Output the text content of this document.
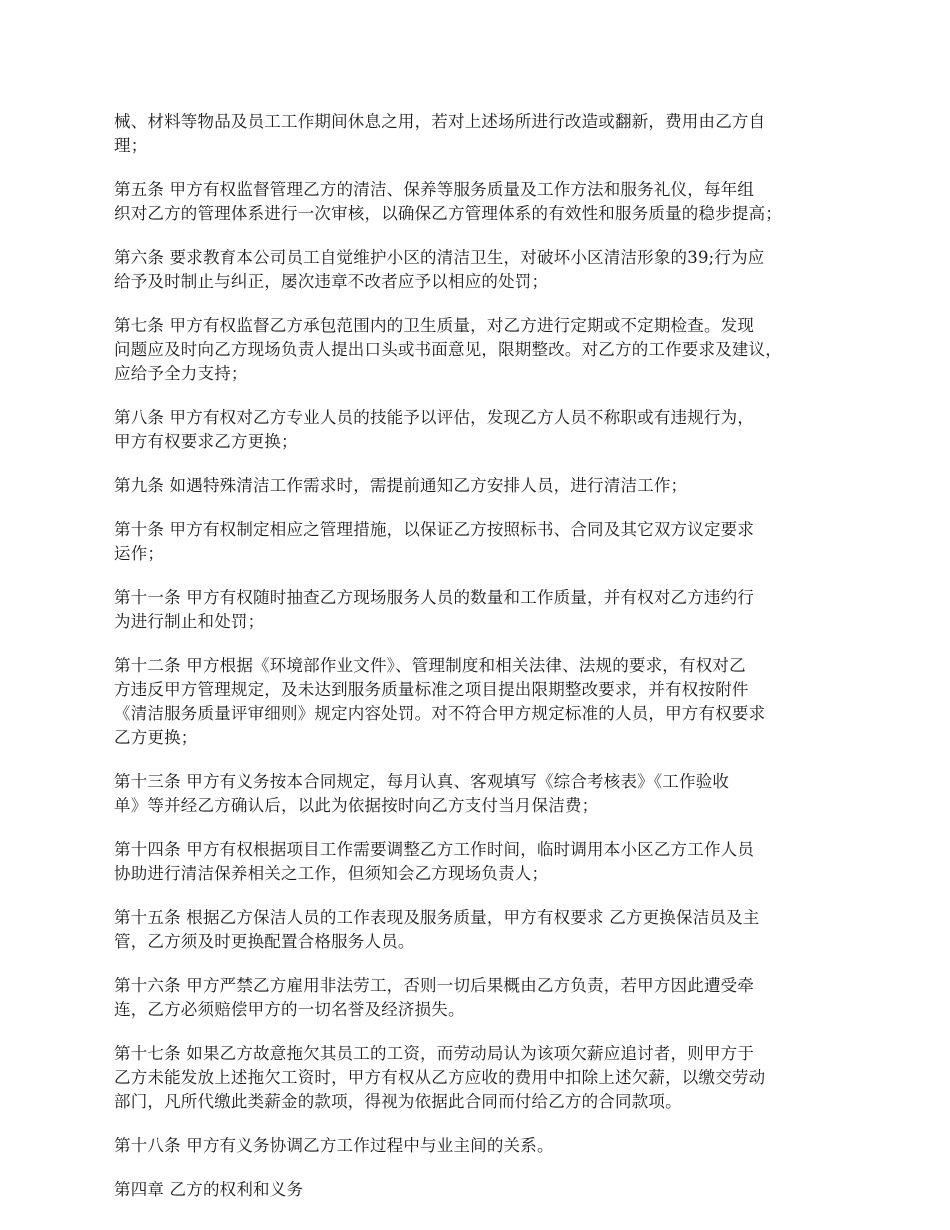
械、材料等物品及员工工作期间休息之用，若对上述场所进行改造或翻新，费用由乙方自
理；

第五条 甲方有权监督管理乙方的清洁、保养等服务质量及工作方法和服务礼仪，每年组
织对乙方的管理体系进行一次审核，以确保乙方管理体系的有效性和服务质量的稳步提高；

第六条 要求教育本公司员工自觉维护小区的清洁卫生，对破坏小区清洁形象的39;行为应
给予及时制止与纠正，屡次违章不改者应予以相应的处罚；

第七条 甲方有权监督乙方承包范围内的卫生质量，对乙方进行定期或不定期检查。发现
问题应及时向乙方现场负责人提出口头或书面意见，限期整改。对乙方的工作要求及建议，
应给予全力支持；

第八条 甲方有权对乙方专业人员的技能予以评估，发现乙方人员不称职或有违规行为，
甲方有权要求乙方更换；

第九条 如遇特殊清洁工作需求时，需提前通知乙方安排人员，进行清洁工作；

第十条 甲方有权制定相应之管理措施，以保证乙方按照标书、合同及其它双方议定要求
运作；

第十一条 甲方有权随时抽查乙方现场服务人员的数量和工作质量，并有权对乙方违约行
为进行制止和处罚；

第十二条 甲方根据《环境部作业文件》、管理制度和相关法律、法规的要求，有权对乙
方违反甲方管理规定，及未达到服务质量标准之项目提出限期整改要求，并有权按附件
《清洁服务质量评审细则》规定内容处罚。对不符合甲方规定标准的人员，甲方有权要求
乙方更换；

第十三条 甲方有义务按本合同规定，每月认真、客观填写《综合考核表》《工作验收
单》等并经乙方确认后，以此为依据按时向乙方支付当月保洁费；

第十四条 甲方有权根据项目工作需要调整乙方工作时间，临时调用本小区乙方工作人员
协助进行清洁保养相关之工作，但须知会乙方现场负责人；

第十五条 根据乙方保洁人员的工作表现及服务质量，甲方有权要求 乙方更换保洁员及主
管，乙方须及时更换配置合格服务人员。

第十六条 甲方严禁乙方雇用非法劳工，否则一切后果概由乙方负责，若甲方因此遭受牵
连，乙方必须赔偿甲方的一切名誉及经济损失。

第十七条 如果乙方故意拖欠其员工的工资，而劳动局认为该项欠薪应追讨者，则甲方于
乙方未能发放上述拖欠工资时，甲方有权从乙方应收的费用中扣除上述欠薪，以缴交劳动
部门，凡所代缴此类薪金的款项，得视为依据此合同而付给乙方的合同款项。

第十八条 甲方有义务协调乙方工作过程中与业主间的关系。

第四章 乙方的权利和义务
